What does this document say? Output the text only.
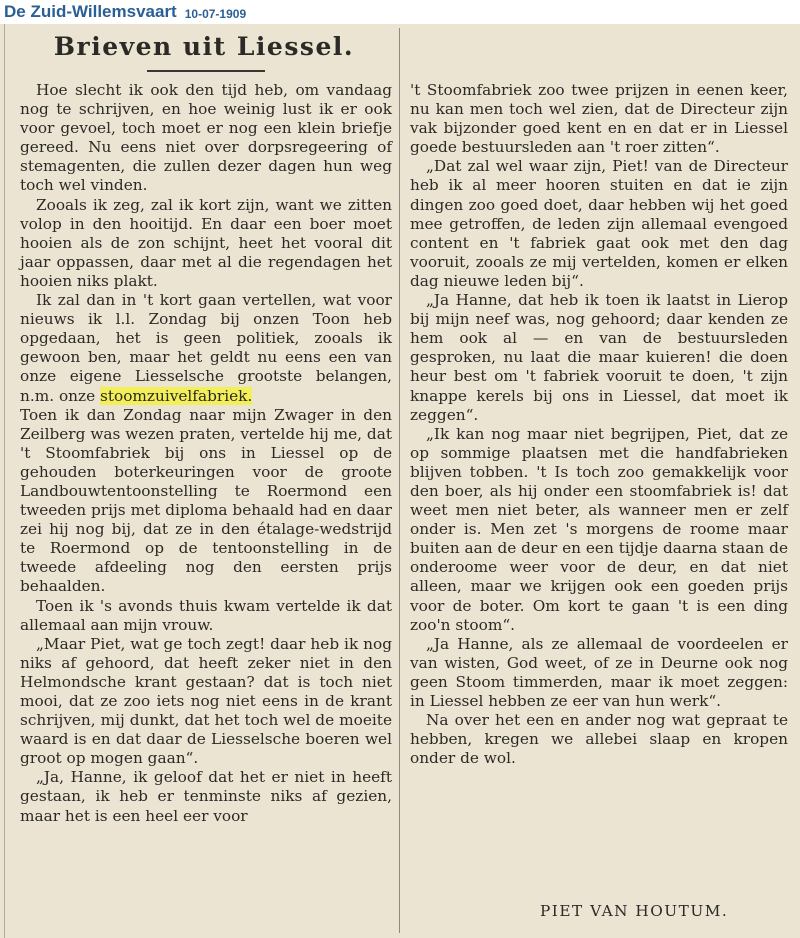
De Zuid-Willemsvaart 10-07-1909
Brieven uit Liessel.

Hoe slecht ik ook den tijd heb, om vandaag nog te schrijven, en hoe weinig lust ik er ook voor gevoel, toch moet er nog een klein briefje gereed. Nu eens niet over dorpsregeering of stemagenten, die zullen dezer dagen hun weg toch wel vinden.

Zooals ik zeg, zal ik kort zijn, want we zitten volop in den hooitijd. En daar een boer moet hooien als de zon schijnt, heet het vooral dit jaar oppassen, daar met al die regendagen het hooien niks plakt.

Ik zal dan in 't kort gaan vertellen, wat voor nieuws ik l.l. Zondag bij onzen Toon heb opgedaan, het is geen politiek, zooals ik gewoon ben, maar het geldt nu eens een van onze eigene Liesselsche grootste belangen, n.m. onze stoomzuivelfabriek.

Toen ik dan Zondag naar mijn Zwager in den Zeilberg was wezen praten, vertelde hij me, dat 't Stoomfabriek bij ons in Liessel op de gehouden boterkeuringen voor de groote Landbouwtentoonstelling te Roermond een tweeden prijs met diploma behaald had en daar zei hij nog bij, dat ze in den étalage-wedstrijd te Roermond op de tentoonstelling in de tweede afdeeling nog den eersten prijs behaalden.

Toen ik 's avonds thuis kwam vertelde ik dat allemaal aan mijn vrouw.

„Maar Piet, wat ge toch zegt! daar heb ik nog niks af gehoord, dat heeft zeker niet in den Helmondsche krant gestaan? dat is toch niet mooi, dat ze zoo iets nog niet eens in de krant schrijven, mij dunkt, dat het toch wel de moeite waard is en dat daar de Liesselsche boeren wel groot op mogen gaan“.

„Ja, Hanne, ik geloof dat het er niet in heeft gestaan, ik heb er tenminste niks af gezien, maar het is een heel eer voor

't Stoomfabriek zoo twee prijzen in eenen keer, nu kan men toch wel zien, dat de Directeur zijn vak bijzonder goed kent en en dat er in Liessel goede bestuursleden aan 't roer zitten“.

„Dat zal wel waar zijn, Piet! van de Directeur heb ik al meer hooren stuiten en dat ie zijn dingen zoo goed doet, daar hebben wij het goed mee getroffen, de leden zijn allemaal evengoed content en 't fabriek gaat ook met den dag vooruit, zooals ze mij vertelden, komen er elken dag nieuwe leden bij“.

„Ja Hanne, dat heb ik toen ik laatst in Lierop bij mijn neef was, nog gehoord; daar kenden ze hem ook al — en van de bestuursleden gesproken, nu laat die maar kuieren! die doen heur best om 't fabriek vooruit te doen, 't zijn knappe kerels bij ons in Liessel, dat moet ik zeggen“.

„Ik kan nog maar niet begrijpen, Piet, dat ze op sommige plaatsen met die handfabrieken blijven tobben. 't Is toch zoo gemakkelijk voor den boer, als hij onder een stoomfabriek is! dat weet men niet beter, als wanneer men er zelf onder is. Men zet 's morgens de roome maar buiten aan de deur en een tijdje daarna staan de onderoome weer voor de deur, en dat niet alleen, maar we krijgen ook een goeden prijs voor de boter. Om kort te gaan 't is een ding zoo'n stoom“.

„Ja Hanne, als ze allemaal de voordeelen er van wisten, God weet, of ze in Deurne ook nog geen Stoom timmerden, maar ik moet zeggen: in Liessel hebben ze eer van hun werk“.

Na over het een en ander nog wat gepraat te hebben, kregen we allebei slaap en kropen onder de wol.

PIET VAN HOUTUM.
